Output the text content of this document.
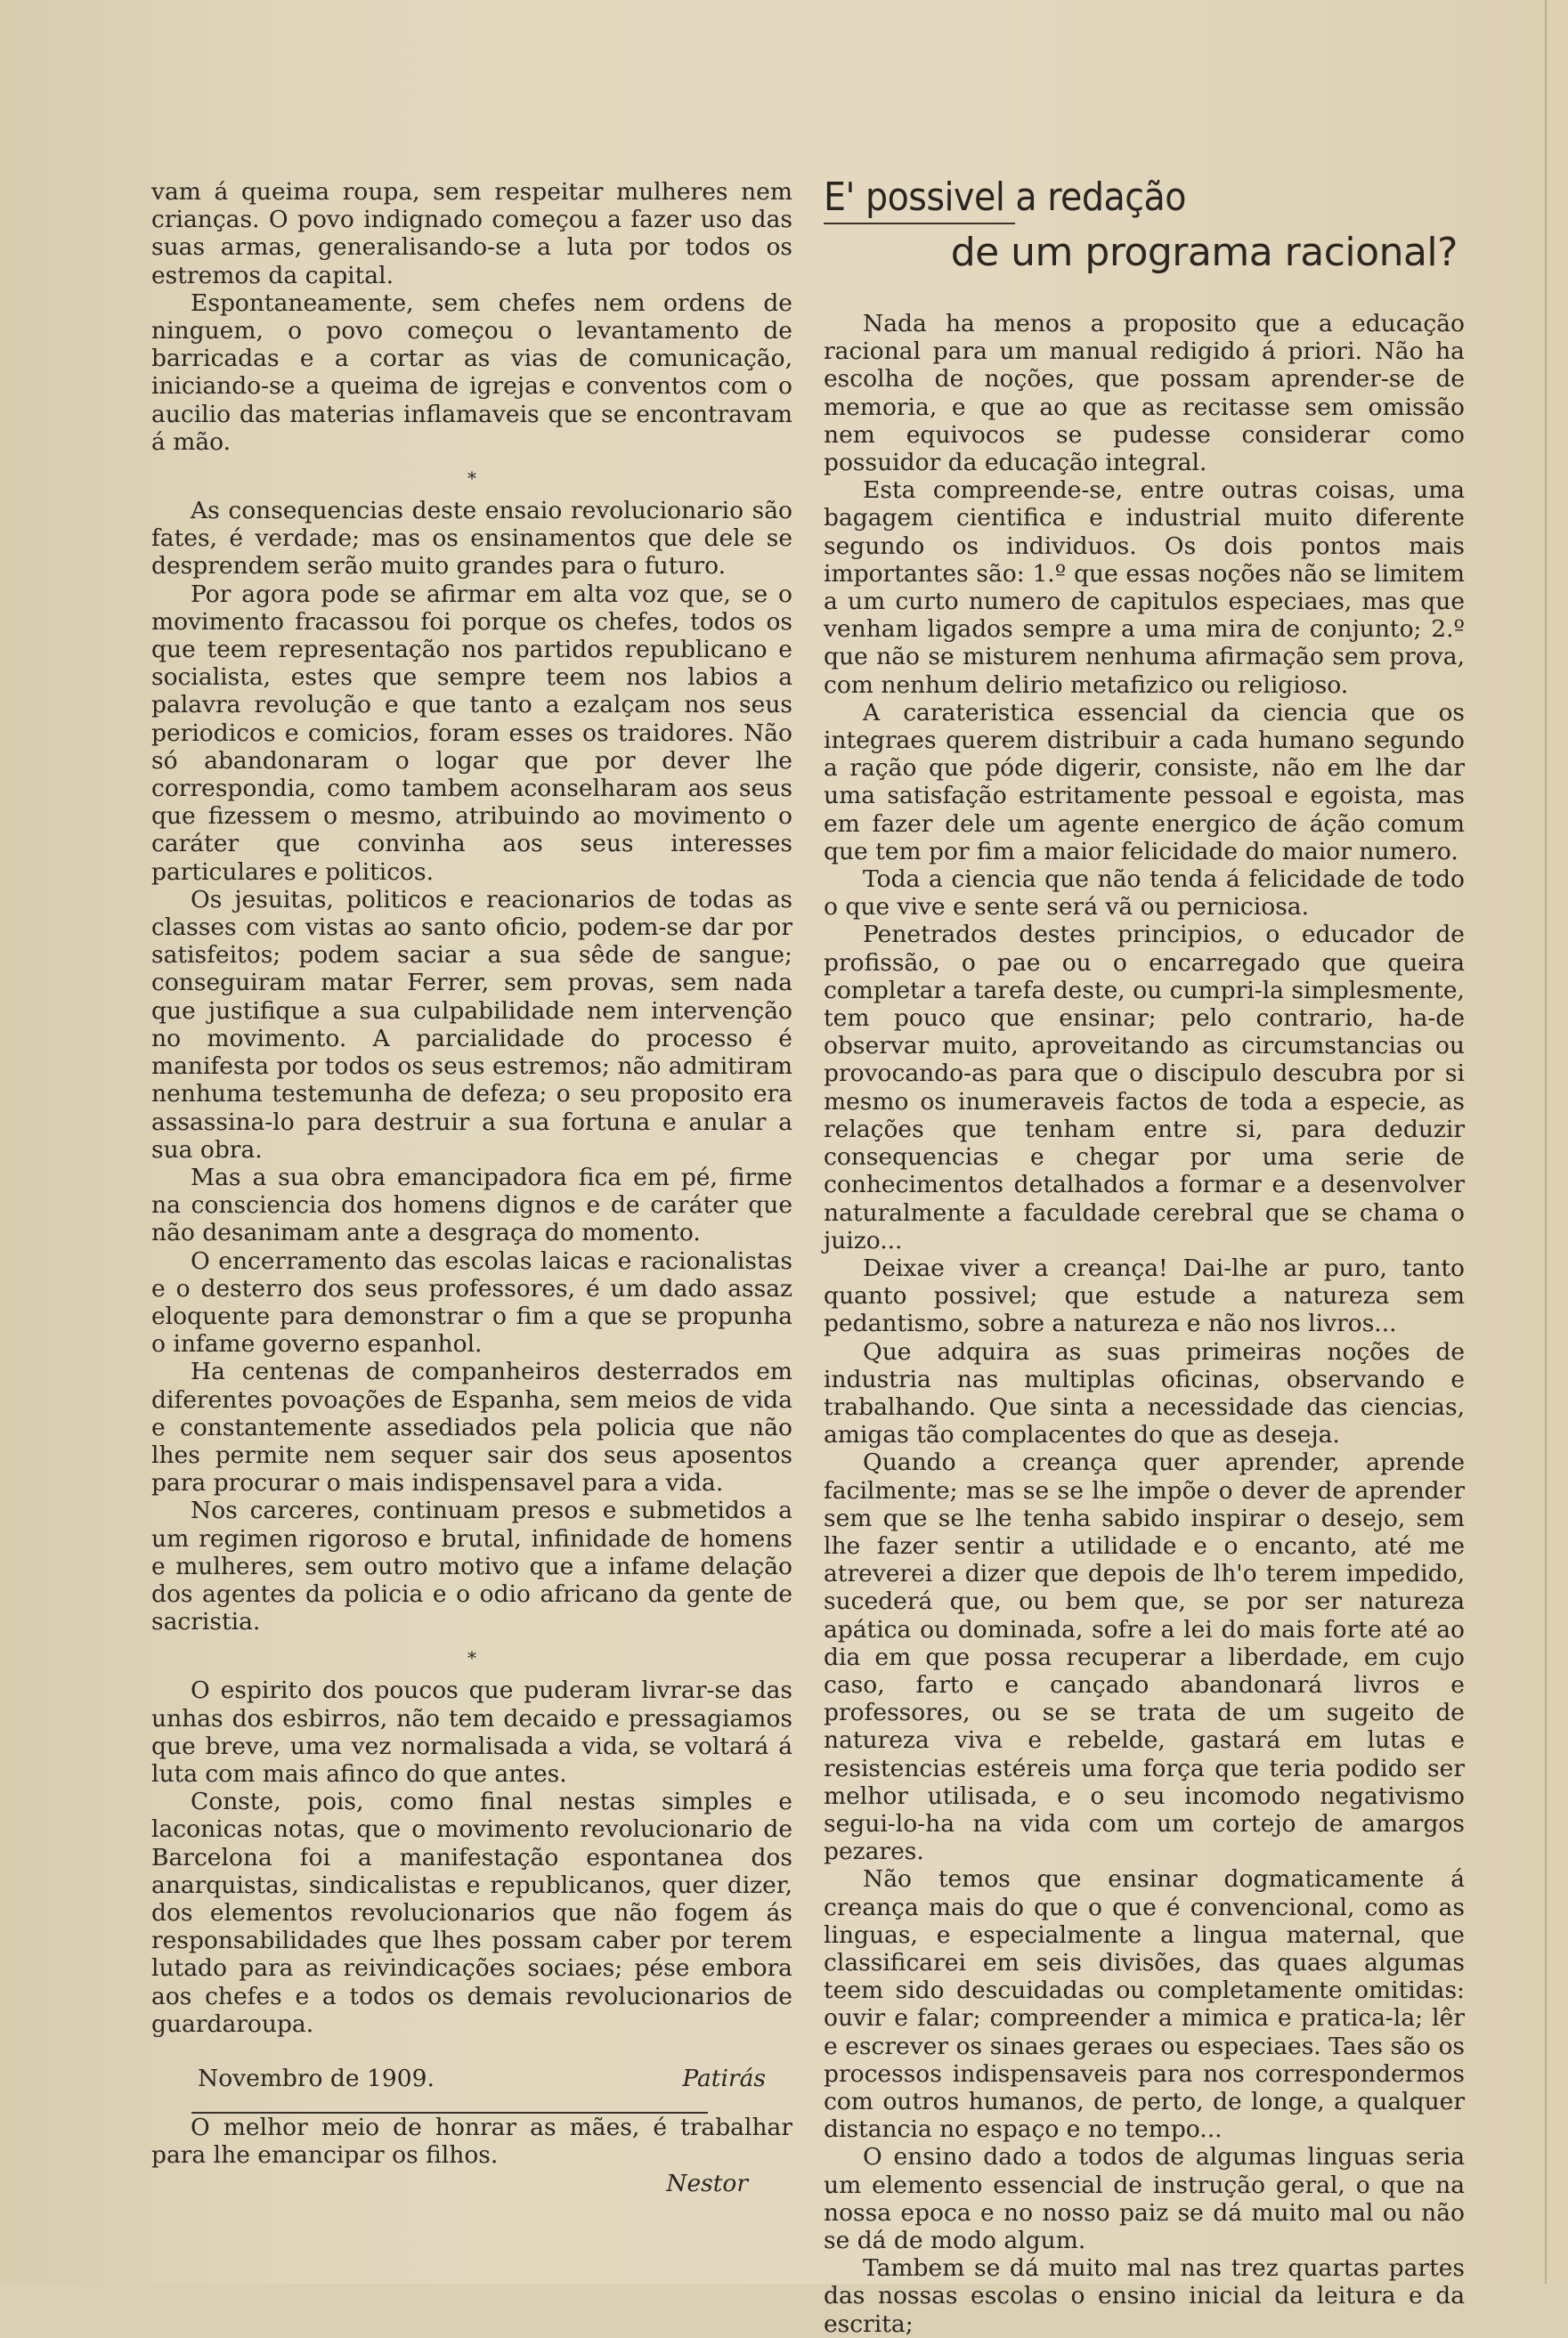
vam á queima roupa, sem respeitar mulheres nem crianças. O povo indignado começou a fazer uso das suas armas, generalisando-se a luta por todos os estremos da capital.

Espontaneamente, sem chefes nem ordens de ninguem, o povo começou o levantamento de barricadas e a cortar as vias de comunicação, iniciando-se a queima de igrejas e conventos com o aucilio das materias inflamaveis que se encontravam á mão.

*

As consequencias deste ensaio revolucionario são fates, é verdade; mas os ensinamentos que dele se desprendem serão muito grandes para o futuro.

Por agora pode se afirmar em alta voz que, se o movimento fracassou foi porque os chefes, todos os que teem representação nos partidos republicano e socialista, estes que sempre teem nos labios a palavra revolução e que tanto a ezalçam nos seus periodicos e comicios, foram esses os traidores. Não só abandonaram o logar que por dever lhe correspondia, como tambem aconselharam aos seus que fizessem o mesmo, atribuindo ao movimento o caráter que convinha aos seus interesses particulares e politicos.

Os jesuitas, politicos e reacionarios de todas as classes com vistas ao santo oficio, podem-se dar por satisfeitos; podem saciar a sua sêde de sangue; conseguiram matar Ferrer, sem provas, sem nada que justifique a sua culpabilidade nem intervenção no movimento. A parcialidade do processo é manifesta por todos os seus estremos; não admitiram nenhuma testemunha de defeza; o seu proposito era assassina-lo para destruir a sua fortuna e anular a sua obra.

Mas a sua obra emancipadora fica em pé, firme na consciencia dos homens dignos e de caráter que não desanimam ante a desgraça do momento.

O encerramento das escolas laicas e racionalistas e o desterro dos seus professores, é um dado assaz eloquente para demonstrar o fim a que se propunha o infame governo espanhol.

Ha centenas de companheiros desterrados em diferentes povoações de Espanha, sem meios de vida e constantemente assediados pela policia que não lhes permite nem sequer sair dos seus aposentos para procurar o mais indispensavel para a vida.

Nos carceres, continuam presos e submetidos a um regimen rigoroso e brutal, infinidade de homens e mulheres, sem outro motivo que a infame delação dos agentes da policia e o odio africano da gente de sacristia.

*

O espirito dos poucos que puderam livrar-se das unhas dos esbirros, não tem decaido e pressagiamos que breve, uma vez normalisada a vida, se voltará á luta com mais afinco do que antes.

Conste, pois, como final nestas simples e laconicas notas, que o movimento revolucionario de Barcelona foi a manifestação espontanea dos anarquistas, sindicalistas e republicanos, quer dizer, dos elementos revolucionarios que não fogem ás responsabilidades que lhes possam caber por terem lutado para as reivindicações sociaes; pése embora aos chefes e a todos os demais revolucionarios de guardaroupa.

Novembro de 1909.	Patirás

O melhor meio de honrar as mães, é trabalhar para lhe emancipar os filhos.

Nestor
E' possivel a redação
de um programa racional?

Nada ha menos a proposito que a educação racional para um manual redigido á priori. Não ha escolha de noções, que possam aprender-se de memoria, e que ao que as recitasse sem omissão nem equivocos se pudesse considerar como possuidor da educação integral.

Esta compreende-se, entre outras coisas, uma bagagem cientifica e industrial muito diferente segundo os individuos. Os dois pontos mais importantes são: 1.º que essas noções não se limitem a um curto numero de capitulos especiaes, mas que venham ligados sempre a uma mira de conjunto; 2.º que não se misturem nenhuma afirmação sem prova, com nenhum delirio metafizico ou religioso.

A carateristica essencial da ciencia que os integraes querem distribuir a cada humano segundo a ração que póde digerir, consiste, não em lhe dar uma satisfação estritamente pessoal e egoista, mas em fazer dele um agente energico de áção comum que tem por fim a maior felicidade do maior numero.

Toda a ciencia que não tenda á felicidade de todo o que vive e sente será vã ou perniciosa.

Penetrados destes principios, o educador de profissão, o pae ou o encarregado que queira completar a tarefa deste, ou cumpri-la simplesmente, tem pouco que ensinar; pelo contrario, ha-de observar muito, aproveitando as circumstancias ou provocando-as para que o discipulo descubra por si mesmo os inumeraveis factos de toda a especie, as relações que tenham entre si, para deduzir consequencias e chegar por uma serie de conhecimentos detalhados a formar e a desenvolver naturalmente a faculdade cerebral que se chama o juizo...

Deixae viver a creança! Dai-lhe ar puro, tanto quanto possivel; que estude a natureza sem pedantismo, sobre a natureza e não nos livros...

Que adquira as suas primeiras noções de industria nas multiplas oficinas, observando e trabalhando. Que sinta a necessidade das ciencias, amigas tão complacentes do que as deseja.

Quando a creança quer aprender, aprende facilmente; mas se se lhe impõe o dever de aprender sem que se lhe tenha sabido inspirar o desejo, sem lhe fazer sentir a utilidade e o encanto, até me atreverei a dizer que depois de lh'o terem impedido, sucederá que, ou bem que, se por ser natureza apática ou dominada, sofre a lei do mais forte até ao dia em que possa recuperar a liberdade, em cujo caso, farto e cançado abandonará livros e professores, ou se se trata de um sugeito de natureza viva e rebelde, gastará em lutas e resistencias estéreis uma força que teria podido ser melhor utilisada, e o seu incomodo negativismo segui-lo-ha na vida com um cortejo de amargos pezares.

Não temos que ensinar dogmaticamente á creança mais do que o que é convencional, como as linguas, e especialmente a lingua maternal, que classificarei em seis divisões, das quaes algumas teem sido descuidadas ou completamente omitidas: ouvir e falar; compreender a mimica e pratica-la; lêr e escrever os sinaes geraes ou especiaes. Taes são os processos indispensaveis para nos correspondermos com outros humanos, de perto, de longe, a qualquer distancia no espaço e no tempo...

O ensino dado a todos de algumas linguas seria um elemento essencial de instrução geral, o que na nossa epoca e no nosso paiz se dá muito mal ou não se dá de modo algum.

Tambem se dá muito mal nas trez quartas partes das nossas escolas o ensino inicial da leitura e da escrita;
